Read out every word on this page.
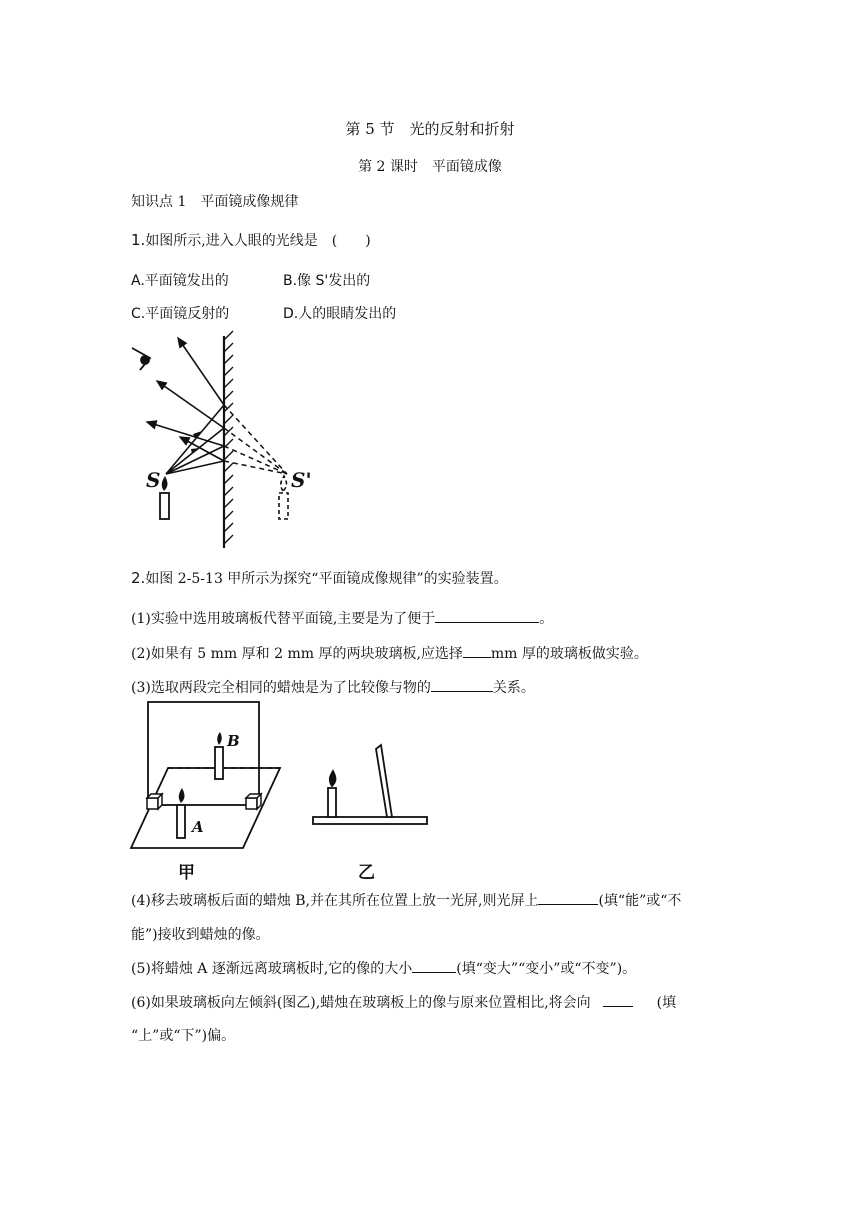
第 5 节　光的反射和折射
第 2 课时　平面镜成像
知识点 1　平面镜成像规律
1.如图所示,进入人眼的光线是　(　　)
A.平面镜发出的	B.像 S'发出的
C.平面镜反射的	D.人的眼睛发出的
S	S'
2.如图 2-5-13 甲所示为探究“平面镜成像规律”的实验装置。
(1)实验中选用玻璃板代替平面镜,主要是为了便于	。
(2)如果有 5 mm 厚和 2 mm 厚的两块玻璃板,应选择 mm 厚的玻璃板做实验。
(3)选取两段完全相同的蜡烛是为了比较像与物的	关系。
A
B
甲	乙
(4)移去玻璃板后面的蜡烛 B,并在其所在位置上放一光屏,则光屏上	(填“能”或“不
能”)接收到蜡烛的像。
(5)将蜡烛 A 逐渐远离玻璃板时,它的像的大小	(填“变大”“变小”或“不变”)。
(6)如果玻璃板向左倾斜(图乙),蜡烛在玻璃板上的像与原来位置相比,将会向	(填
“上”或“下”)偏。
